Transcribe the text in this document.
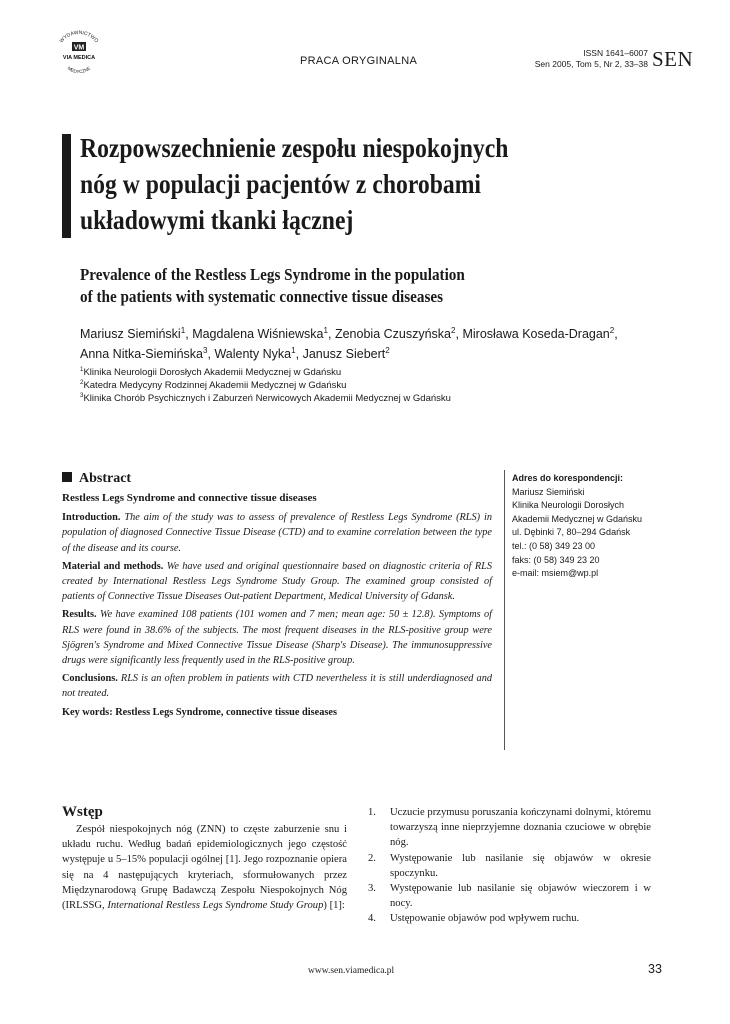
WYDAWNICTWO
VM
VIA MEDICA
MEDYCZNE
PRACA ORYGINALNA
ISSN 1641–6007
Sen 2005, Tom 5, Nr 2, 33–38 SEN
Rozpowszechnienie zespołu niespokojnych
nóg w populacji pacjentów z chorobami
układowymi tkanki łącznej
Prevalence of the Restless Legs Syndrome in the population
of the patients with systematic connective tissue diseases
Mariusz Siemiński$^1$, Magdalena Wiśniewska$^1$, Zenobia Czuszyńska$^2$, Mirosława Koseda-Dragan$^2$,
Anna Nitka-Siemińska$^3$, Walenty Nyka$^1$, Janusz Siebert$^2$
$^1$Klinika Neurologii Dorosłych Akademii Medycznej w Gdańsku
$^2$Katedra Medycyny Rodzinnej Akademii Medycznej w Gdańsku
$^3$Klinika Chorób Psychicznych i Zaburzeń Nerwicowych Akademii Medycznej w Gdańsku
Abstract

Restless Legs Syndrome and connective tissue diseases

Introduction. The aim of the study was to assess of prevalence of Restless Legs Syndrome (RLS) in population of diagnosed Connective Tissue Disease (CTD) and to examine correlation between the type of the disease and its course.

Material and methods. We have used and original questionnaire based on diagnostic criteria of RLS created by International Restless Legs Syndrome Study Group. The examined group consisted of patients of Connective Tissue Diseases Out-patient Department, Medical University of Gdansk.

Results. We have examined 108 patients (101 women and 7 men; mean age: 50 ± 12.8). Symptoms of RLS were found in 38.6% of the subjects. The most frequent diseases in the RLS-positive group were Sjögren's Syndrome and Mixed Connective Tissue Disease (Sharp's Disease). The immunosuppressive drugs were significantly less frequently used in the RLS-positive group.

Conclusions. RLS is an often problem in patients with CTD nevertheless it is still underdiagnosed and not treated.

Key words: Restless Legs Syndrome, connective tissue diseases

Adres do korespondencji:
Mariusz Siemiński
Klinika Neurologii Dorosłych
Akademii Medycznej w Gdańsku
ul. Dębinki 7, 80–294 Gdańsk
tel.: (0 58) 349 23 00
faks: (0 58) 349 23 20
e-mail: msiem@wp.pl
Wstęp
Zespół niespokojnych nóg (ZNN) to częste zaburzenie snu i układu ruchu. Według badań epidemiologicznych jego częstość występuje u 5–15% populacji ogólnej [1]. Jego rozpoznanie opiera się na 4 następujących kryteriach, sformułowanych przez Międzynarodową Grupę Badawczą Zespołu Niespokojnych Nóg (IRLSSG, International Restless Legs Syndrome Study Group) [1]:
1. Uczucie przymusu poruszania kończynami dolnymi, któremu towarzyszą inne nieprzyjemne doznania czuciowe w obrębie nóg.
2. Występowanie lub nasilanie się objawów w okresie spoczynku.
3. Występowanie lub nasilanie się objawów wieczorem i w nocy.
4. Ustępowanie objawów pod wpływem ruchu.
www.sen.viamedica.pl	33
